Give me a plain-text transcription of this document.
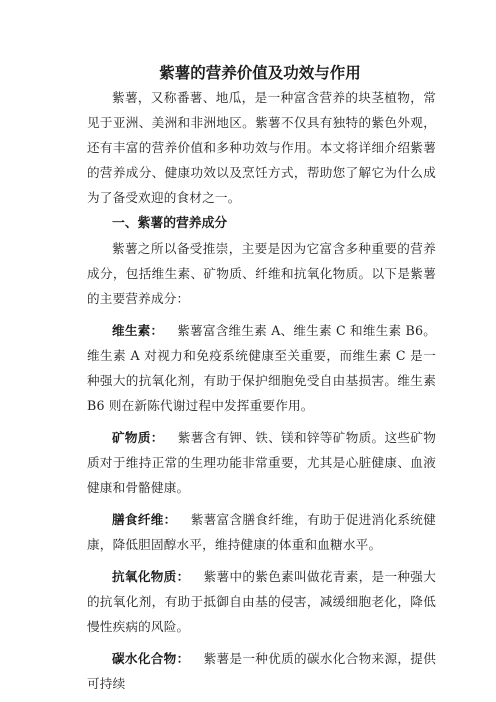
紫薯的营养价值及功效与作用

紫薯，又称番薯、地瓜，是一种富含营养的块茎植物，常见于亚洲、美洲和非洲地区。紫薯不仅具有独特的紫色外观，还有丰富的营养价值和多种功效与作用。本文将详细介绍紫薯的营养成分、健康功效以及烹饪方式，帮助您了解它为什么成为了备受欢迎的食材之一。

一、紫薯的营养成分

紫薯之所以备受推崇，主要是因为它富含多种重要的营养成分，包括维生素、矿物质、纤维和抗氧化物质。以下是紫薯的主要营养成分：

维生素： 紫薯富含维生素 A、维生素 C 和维生素 B6。维生素 A 对视力和免疫系统健康至关重要，而维生素 C 是一种强大的抗氧化剂，有助于保护细胞免受自由基损害。维生素 B6 则在新陈代谢过程中发挥重要作用。

矿物质： 紫薯含有钾、铁、镁和锌等矿物质。这些矿物质对于维持正常的生理功能非常重要，尤其是心脏健康、血液健康和骨骼健康。

膳食纤维： 紫薯富含膳食纤维，有助于促进消化系统健康，降低胆固醇水平，维持健康的体重和血糖水平。

抗氧化物质： 紫薯中的紫色素叫做花青素，是一种强大的抗氧化剂，有助于抵御自由基的侵害，减缓细胞老化，降低慢性疾病的风险。

碳水化合物： 紫薯是一种优质的碳水化合物来源，提供可持续
